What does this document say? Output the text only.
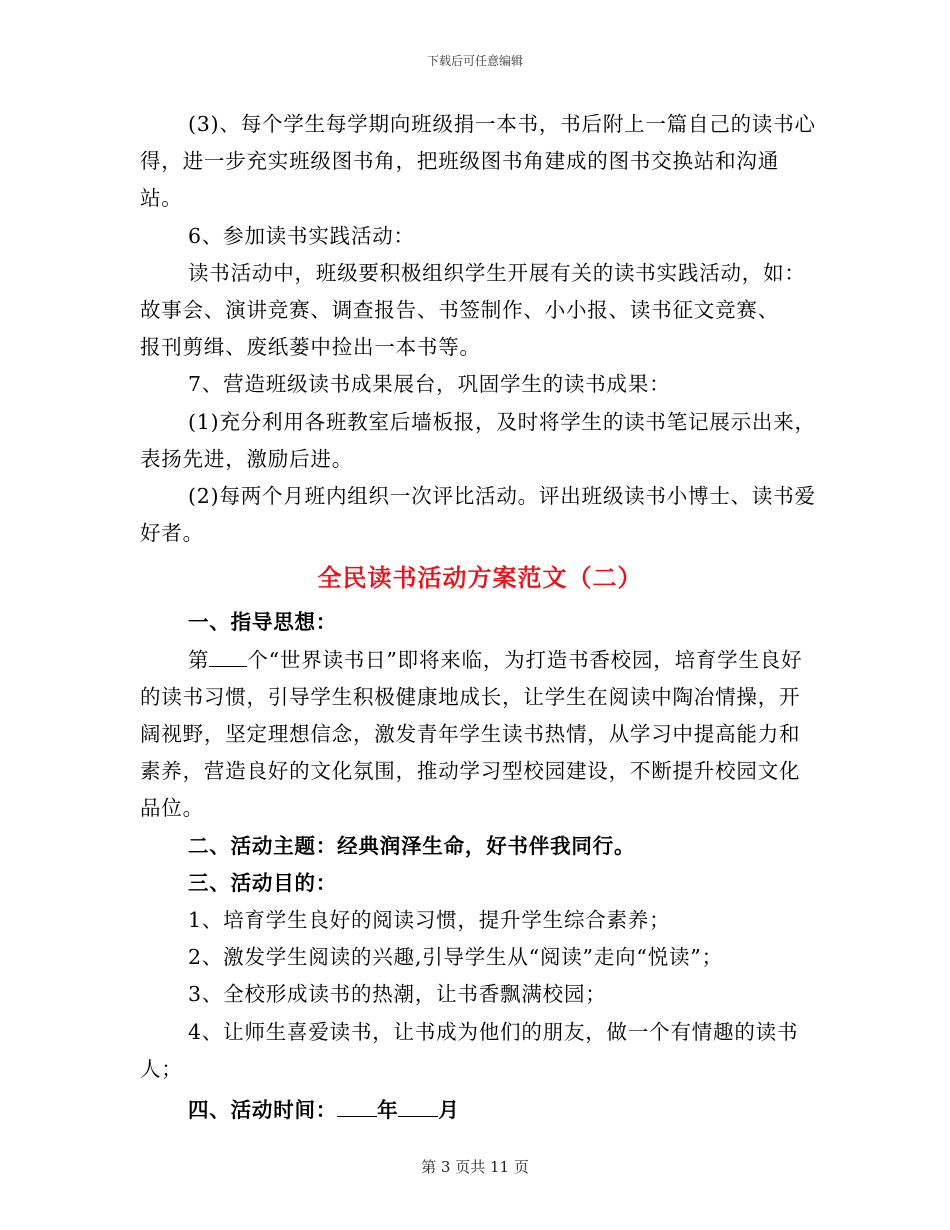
下载后可任意编辑

(3)、每个学生每学期向班级捐一本书，书后附上一篇自己的读书心得，进一步充实班级图书角，把班级图书角建成的图书交换站和沟通站。

6、参加读书实践活动：

读书活动中，班级要积极组织学生开展有关的读书实践活动，如：

故事会、演讲竞赛、调查报告、书签制作、小小报、读书征文竞赛、

报刊剪缉、废纸蒌中捡出一本书等。

7、营造班级读书成果展台，巩固学生的读书成果：

(1)充分利用各班教室后墙板报，及时将学生的读书笔记展示出来，表扬先进，激励后进。

(2)每两个月班内组织一次评比活动。评出班级读书小博士、读书爱好者。

全民读书活动方案范文（二）

一、指导思想：

第 个“世界读书日”即将来临，为打造书香校园，培育学生良好的读书习惯，引导学生积极健康地成长，让学生在阅读中陶冶情操，开阔视野，坚定理想信念，激发青年学生读书热情，从学习中提高能力和素养，营造良好的文化氛围，推动学习型校园建设，不断提升校园文化品位。

二、活动主题：经典润泽生命，好书伴我同行。

三、活动目的：

1、培育学生良好的阅读习惯，提升学生综合素养；

2、激发学生阅读的兴趣,引导学生从“阅读”走向“悦读”；

3、全校形成读书的热潮，让书香飘满校园；

4、让师生喜爱读书，让书成为他们的朋友，做一个有情趣的读书人；

四、活动时间： 年 月

第 3 页共 11 页
